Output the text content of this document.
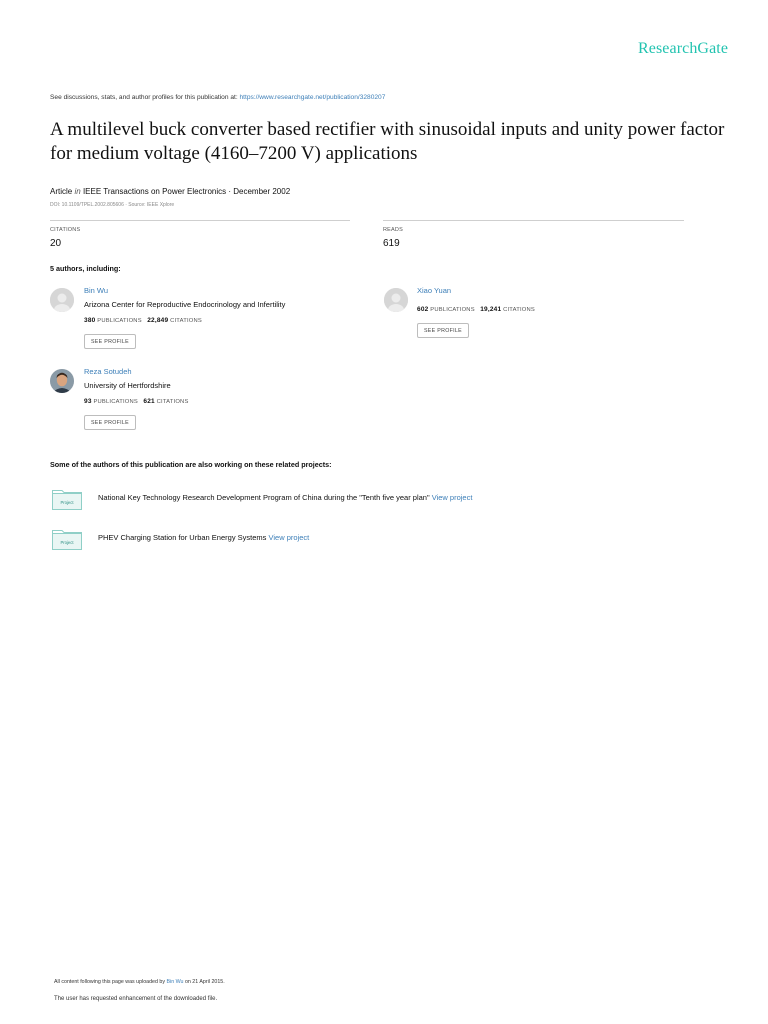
ResearchGate
See discussions, stats, and author profiles for this publication at: https://www.researchgate.net/publication/3280207
A multilevel buck converter based rectifier with sinusoidal inputs and unity power factor for medium voltage (4160–7200 V) applications
Article in IEEE Transactions on Power Electronics · December 2002
DOI: 10.1109/TPEL.2002.805606 · Source: IEEE Xplore
CITATIONS
20
READS
619
5 authors, including:
Bin Wu
Arizona Center for Reproductive Endocrinology and Infertility
380 PUBLICATIONS 22,849 CITATIONS
SEE PROFILE
Xiao Yuan
602 PUBLICATIONS 19,241 CITATIONS
SEE PROFILE
Reza Sotudeh
University of Hertfordshire
93 PUBLICATIONS 621 CITATIONS
SEE PROFILE
Some of the authors of this publication are also working on these related projects:
Project
National Key Technology Research Development Program of China during the "Tenth five year plan" View project
Project
PHEV Charging Station for Urban Energy Systems View project
All content following this page was uploaded by Bin Wu on 21 April 2015.
The user has requested enhancement of the downloaded file.
